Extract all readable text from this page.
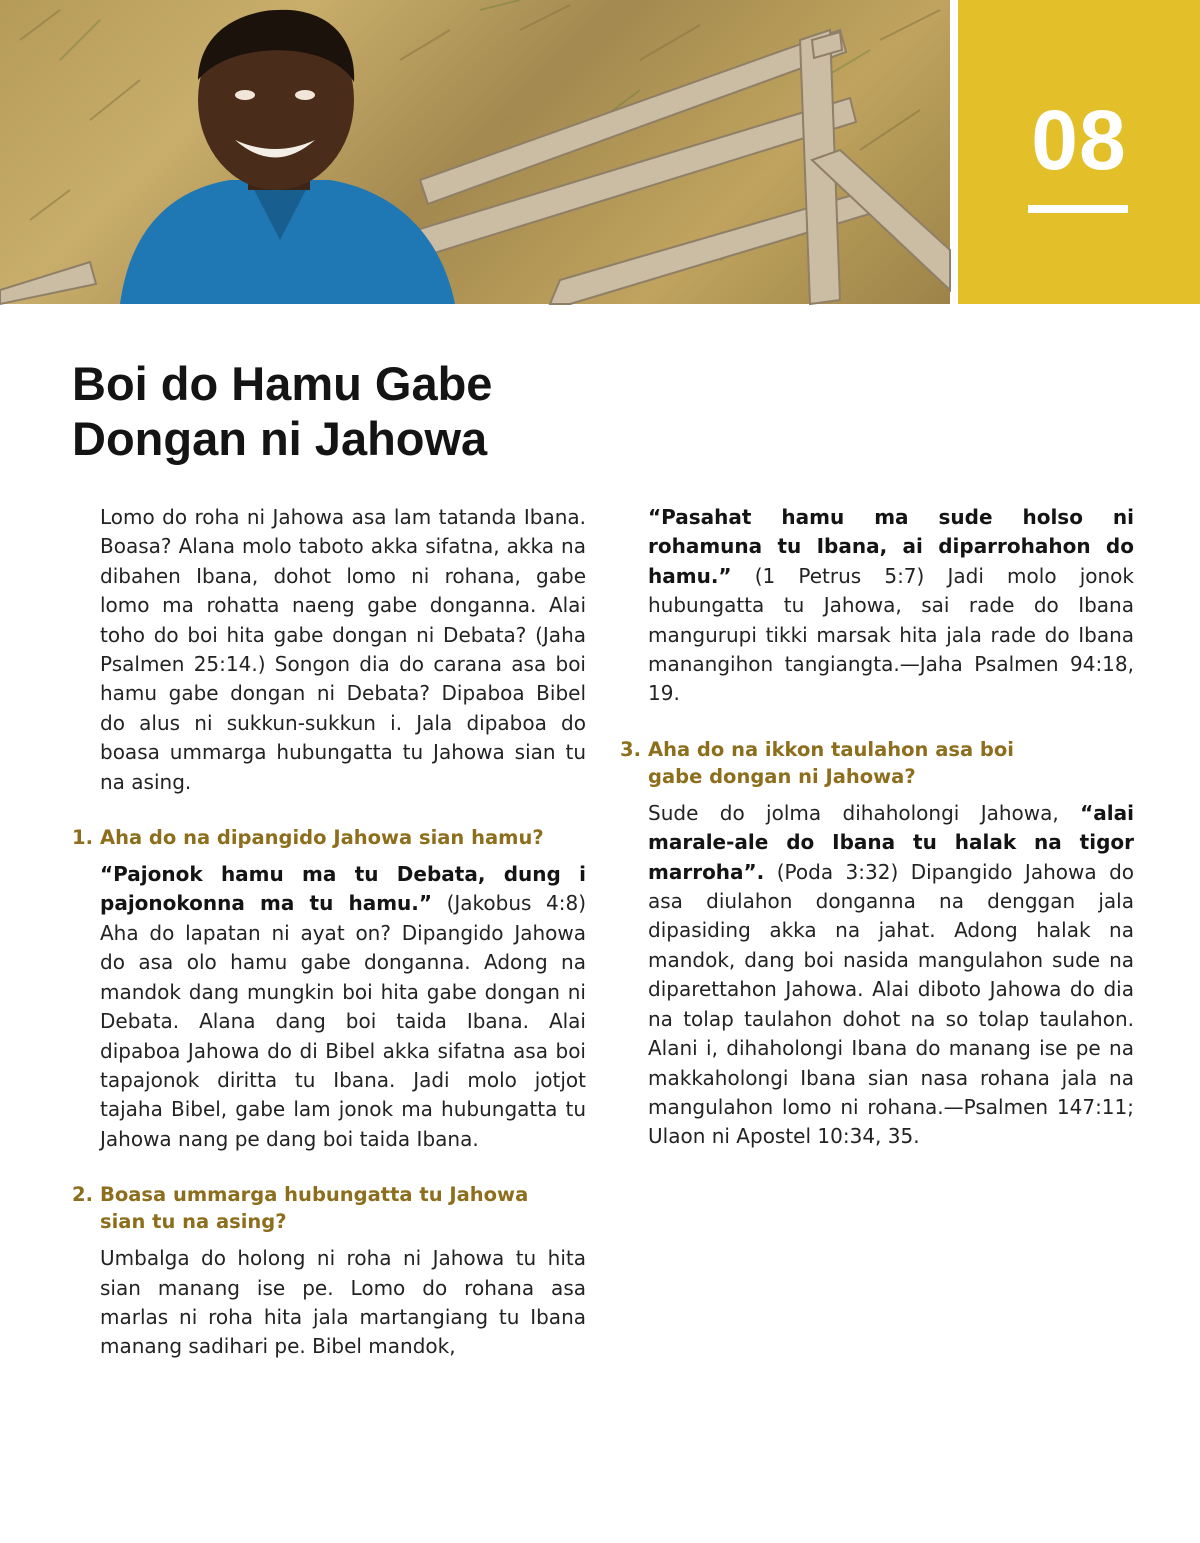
08
Boi do Hamu Gabe
Dongan ni Jahowa

Lomo do roha ni Jahowa asa lam tatanda Ibana. Boasa? Alana molo taboto akka sifatna, akka na dibahen Ibana, dohot lomo ni rohana, gabe lomo ma rohatta naeng gabe donganna. Alai toho do boi hita gabe dongan ni Debata? (Jaha Psalmen 25:14.) Songon dia do carana asa boi hamu gabe dongan ni Debata? Dipaboa Bibel do alus ni sukkun-sukkun i. Jala dipaboa do boasa ummarga hubungatta tu Jahowa sian tu na asing.

1. Aha do na dipangido Jahowa sian hamu?

“Pajonok hamu ma tu Debata, dung i pajonokonna ma tu hamu.” (Jakobus 4:8) Aha do lapatan ni ayat on? Dipangido Jahowa do asa olo hamu gabe donganna. Adong na mandok dang mungkin boi hita gabe dongan ni Debata. Alana dang boi taida Ibana. Alai dipaboa Jahowa do di Bibel akka sifatna asa boi tapajonok diritta tu Ibana. Jadi molo jotjot tajaha Bibel, gabe lam jonok ma hubungatta tu Jahowa nang pe dang boi taida Ibana.

2. Boasa ummarga hubungatta tu Jahowa sian tu na asing?

Umbalga do holong ni roha ni Jahowa tu hita sian manang ise pe. Lomo do rohana asa marlas ni roha hita jala martangiang tu Ibana manang sadihari pe. Bibel mandok,

“Pasahat hamu ma sude holso ni rohamuna tu Ibana, ai diparrohahon do hamu.” (1 Petrus 5:7) Jadi molo jonok hubungatta tu Jahowa, sai rade do Ibana mangurupi tikki marsak hita jala rade do Ibana manangihon tangiangta.—Jaha Psalmen 94:18, 19.

3. Aha do na ikkon taulahon asa boi gabe dongan ni Jahowa?

Sude do jolma dihaholongi Jahowa, “alai marale-ale do Ibana tu halak na tigor marroha”. (Poda 3:32) Dipangido Jahowa do asa diulahon donganna na denggan jala dipasiding akka na jahat. Adong halak na mandok, dang boi nasida mangulahon sude na diparettahon Jahowa. Alai diboto Jahowa do dia na tolap taulahon dohot na so tolap taulahon. Alani i, dihaholongi Ibana do manang ise pe na makkaholongi Ibana sian nasa rohana jala na mangulahon lomo ni rohana.—Psalmen 147:11; Ulaon ni Apostel 10:34, 35.
